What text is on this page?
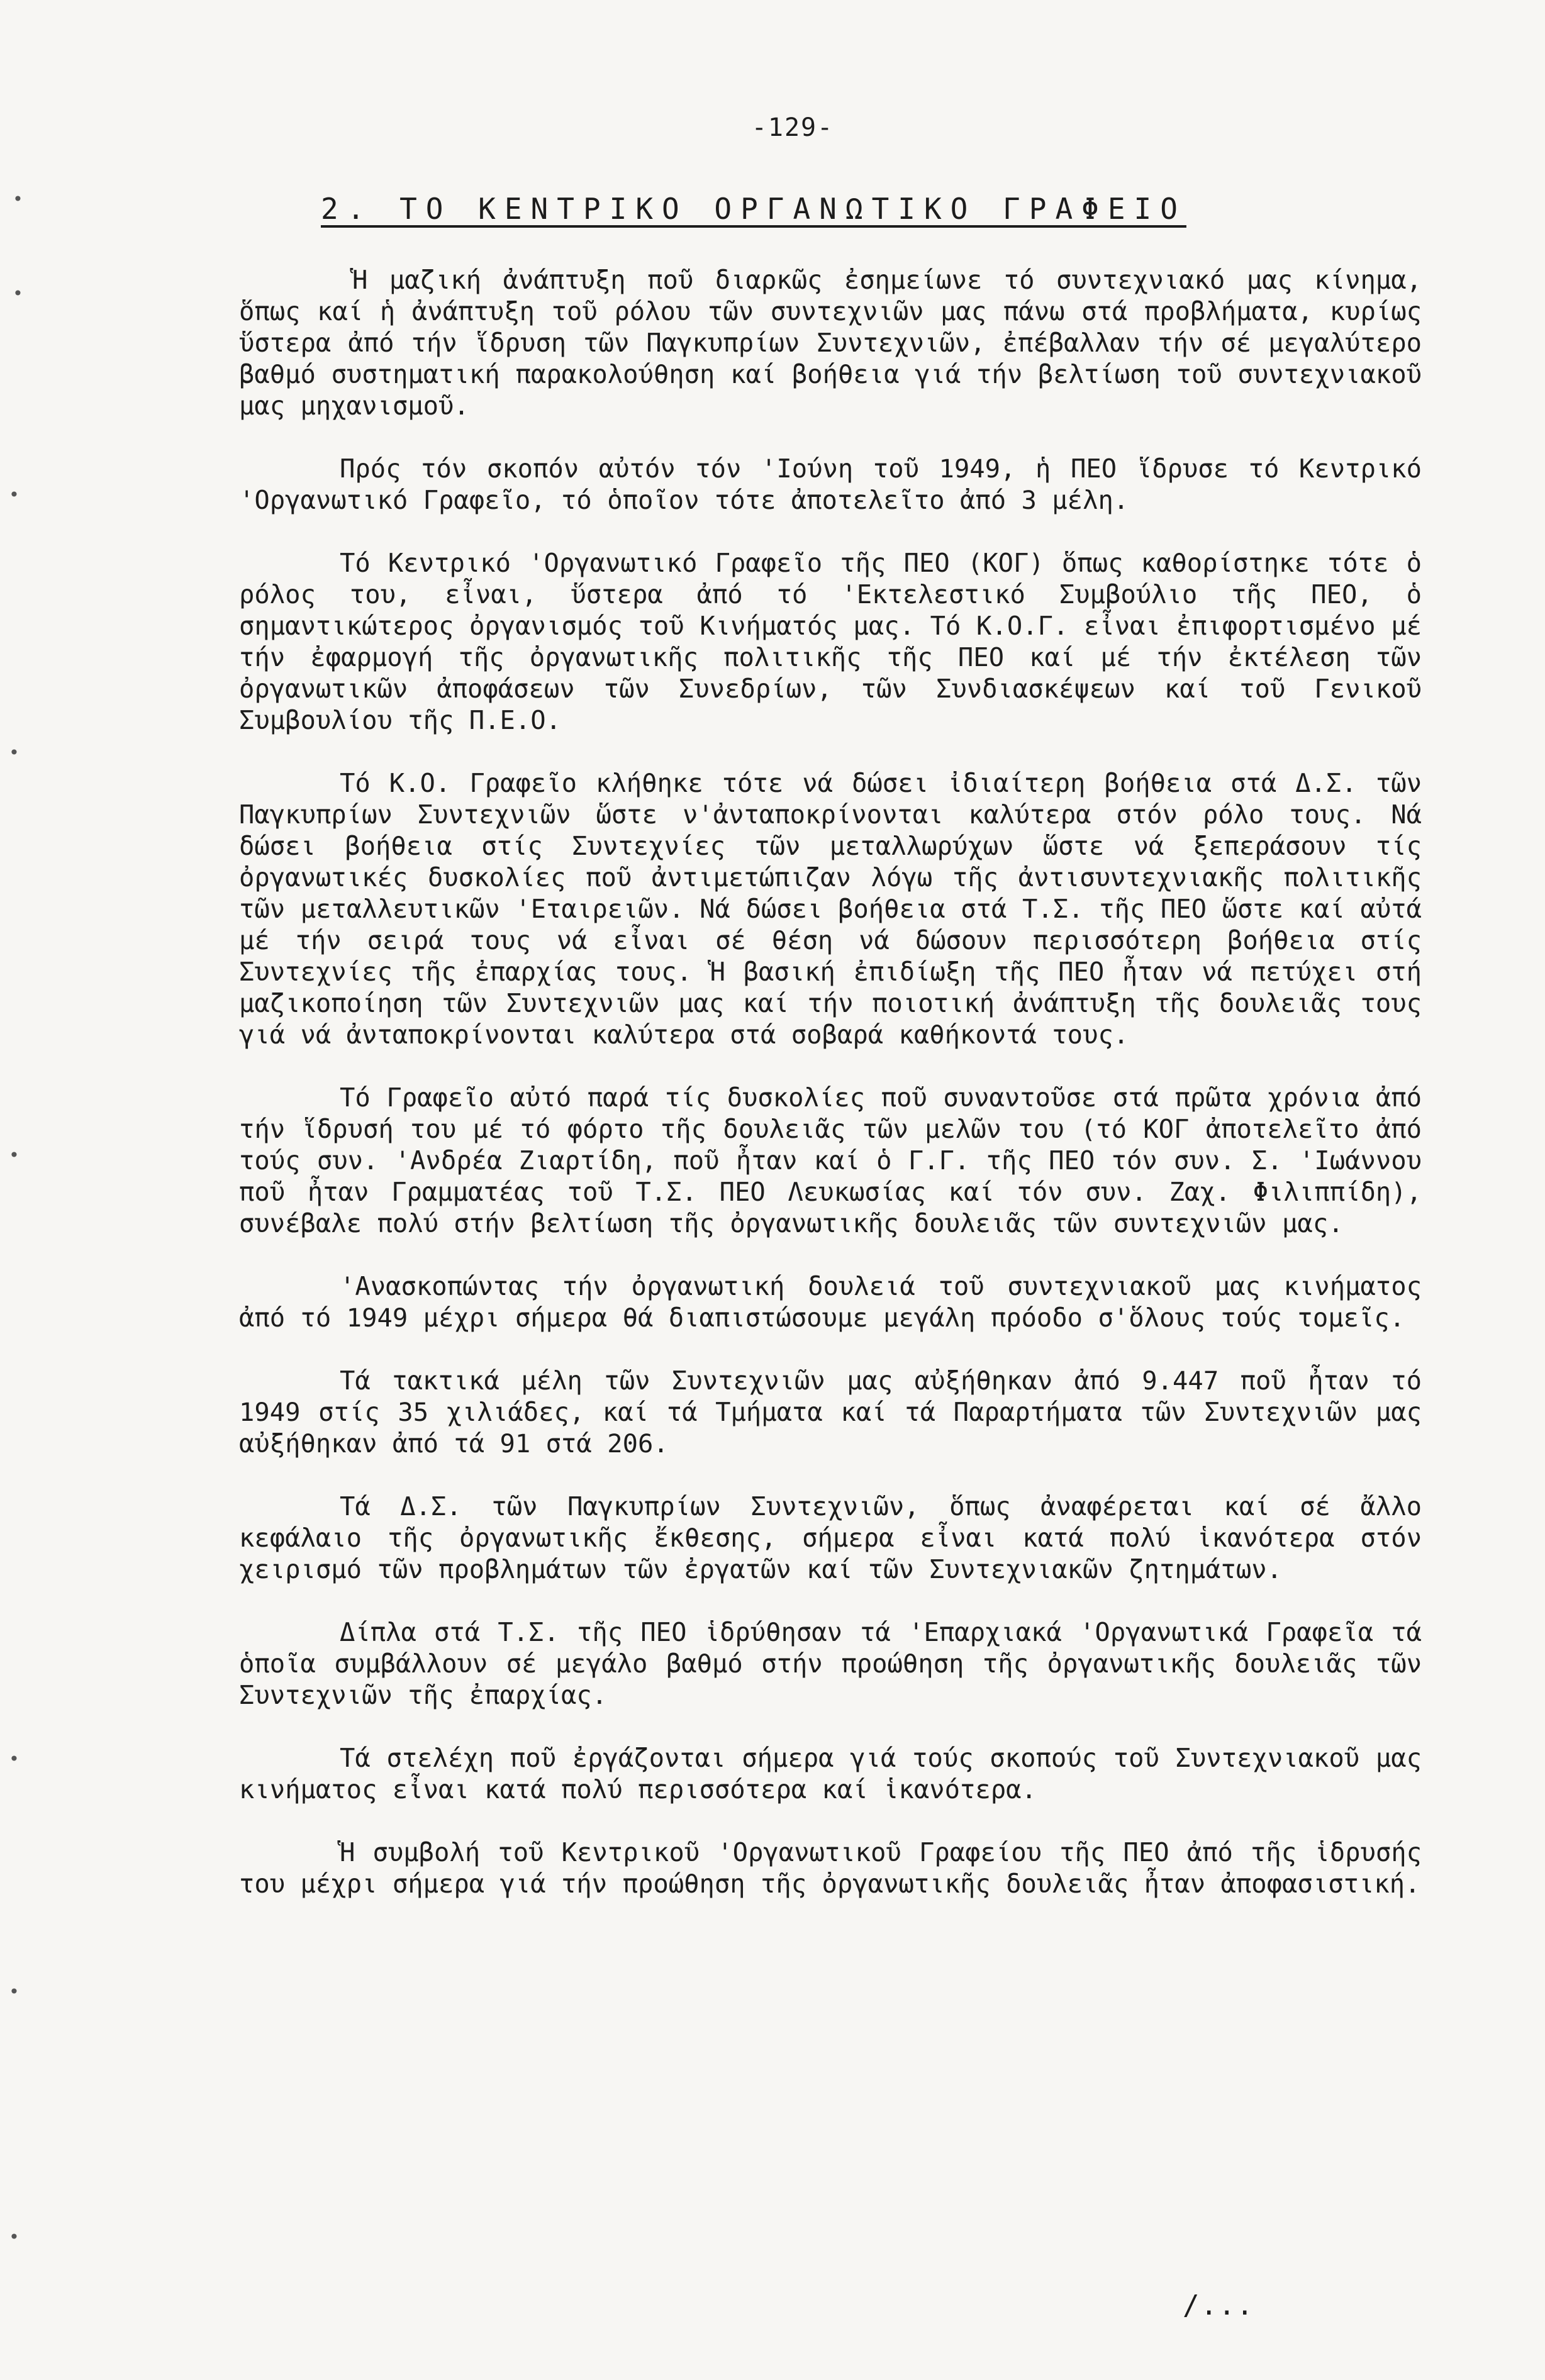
-129-
2. ΤΟ ΚΕΝΤΡΙΚΟ ΟΡΓΑΝΩΤΙΚΟ ΓΡΑΦΕΙΟ

Ἡ μαζική ἀνάπτυξη ποῦ διαρκῶς ἐσημείωνε τό συντεχνιακό μας κίνημα, ὅπως καί ἡ ἀνάπτυξη τοῦ ρόλου τῶν συντεχνιῶν μας πάνω στά προβλήματα, κυρίως ὕστερα ἀπό τήν ἵδρυση τῶν Παγκυπρίων Συντεχνιῶν, ἐπέβαλλαν τήν σέ μεγαλύτερο βαθμό συστηματική παρακολούθηση καί βοήθεια γιά τήν βελτίωση τοῦ συντεχνιακοῦ μας μηχανισμοῦ.

Πρός τόν σκοπόν αὐτόν τόν 'Ιούνη τοῦ 1949, ἡ ΠΕΟ ἵδρυσε τό Κεντρικό 'Οργανωτικό Γραφεῖο, τό ὁποῖον τότε ἀποτελεῖτο ἀπό 3 μέλη.

Τό Κεντρικό 'Οργανωτικό Γραφεῖο τῆς ΠΕΟ (ΚΟΓ) ὅπως καθορίστηκε τότε ὁ ρόλος του, εἶναι, ὕστερα ἀπό τό 'Εκτελεστικό Συμβούλιο τῆς ΠΕΟ, ὁ σημαντικώτερος ὀργανισμός τοῦ Κινήματός μας. Τό Κ.Ο.Γ. εἶναι ἐπιφορτισμένο μέ τήν ἐφαρμογή τῆς ὀργανωτικῆς πολιτικῆς τῆς ΠΕΟ καί μέ τήν ἐκτέλεση τῶν ὀργανωτικῶν ἀποφάσεων τῶν Συνεδρίων, τῶν Συνδιασκέψεων καί τοῦ Γενικοῦ Συμβουλίου τῆς Π.Ε.Ο.

Τό Κ.Ο. Γραφεῖο κλήθηκε τότε νά δώσει ἰδιαίτερη βοήθεια στά Δ.Σ. τῶν Παγκυπρίων Συντεχνιῶν ὥστε ν'ἀνταποκρίνονται καλύτερα στόν ρόλο τους. Νά δώσει βοήθεια στίς Συντεχνίες τῶν μεταλλωρύχων ὥστε νά ξεπεράσουν τίς ὀργανωτικές δυσκολίες ποῦ ἀντιμετώπιζαν λόγω τῆς ἀντισυντεχνιακῆς πολιτικῆς τῶν μεταλλευτικῶν 'Εταιρειῶν. Νά δώσει βοήθεια στά Τ.Σ. τῆς ΠΕΟ ὥστε καί αὐτά μέ τήν σειρά τους νά εἶναι σέ θέση νά δώσουν περισσότερη βοήθεια στίς Συντεχνίες τῆς ἐπαρχίας τους. Ἡ βασική ἐπιδίωξη τῆς ΠΕΟ ἦταν νά πετύχει στή μαζικοποίηση τῶν Συντεχνιῶν μας καί τήν ποιοτική ἀνάπτυξη τῆς δουλειᾶς τους γιά νά ἀνταποκρίνονται καλύτερα στά σοβαρά καθήκοντά τους.

Τό Γραφεῖο αὐτό παρά τίς δυσκολίες ποῦ συναντοῦσε στά πρῶτα χρόνια ἀπό τήν ἵδρυσή του μέ τό φόρτο τῆς δουλειᾶς τῶν μελῶν του (τό ΚΟΓ ἀποτελεῖτο ἀπό τούς συν. 'Ανδρέα Ζιαρτίδη, ποῦ ἦταν καί ὁ Γ.Γ. τῆς ΠΕΟ τόν συν. Σ. 'Ιωάννου ποῦ ἦταν Γραμματέας τοῦ Τ.Σ. ΠΕΟ Λευκωσίας καί τόν συν. Ζαχ. Φιλιππίδη), συνέβαλε πολύ στήν βελτίωση τῆς ὀργανωτικῆς δουλειᾶς τῶν συντεχνιῶν μας.

'Ανασκοπώντας τήν ὀργανωτική δουλειά τοῦ συντεχνιακοῦ μας κινήματος ἀπό τό 1949 μέχρι σήμερα θά διαπιστώσουμε μεγάλη πρόοδο σ'ὅλους τούς τομεῖς.

Τά τακτικά μέλη τῶν Συντεχνιῶν μας αὐξήθηκαν ἀπό 9.447 ποῦ ἦταν τό 1949 στίς 35 χιλιάδες, καί τά Τμήματα καί τά Παραρτήματα τῶν Συντεχνιῶν μας αὐξήθηκαν ἀπό τά 91 στά 206.

Τά Δ.Σ. τῶν Παγκυπρίων Συντεχνιῶν, ὅπως ἀναφέρεται καί σέ ἄλλο κεφάλαιο τῆς ὀργανωτικῆς ἔκθεσης, σήμερα εἶναι κατά πολύ ἱκανότερα στόν χειρισμό τῶν προβλημάτων τῶν ἐργατῶν καί τῶν Συντεχνιακῶν ζητημάτων.

Δίπλα στά Τ.Σ. τῆς ΠΕΟ ἱδρύθησαν τά 'Επαρχιακά 'Οργανωτικά Γραφεῖα τά ὁποῖα συμβάλλουν σέ μεγάλο βαθμό στήν προώθηση τῆς ὀργανωτικῆς δουλειᾶς τῶν Συντεχνιῶν τῆς ἐπαρχίας.

Τά στελέχη ποῦ ἐργάζονται σήμερα γιά τούς σκοπούς τοῦ Συντεχνιακοῦ μας κινήματος εἶναι κατά πολύ περισσότερα καί ἱκανότερα.

Ἡ συμβολή τοῦ Κεντρικοῦ 'Οργανωτικοῦ Γραφείου τῆς ΠΕΟ ἀπό τῆς ἱδρυσής του μέχρι σήμερα γιά τήν προώθηση τῆς ὀργανωτικῆς δουλειᾶς ἦταν ἀποφασιστική.

/...
•
•
•
•
•
•
•
•
